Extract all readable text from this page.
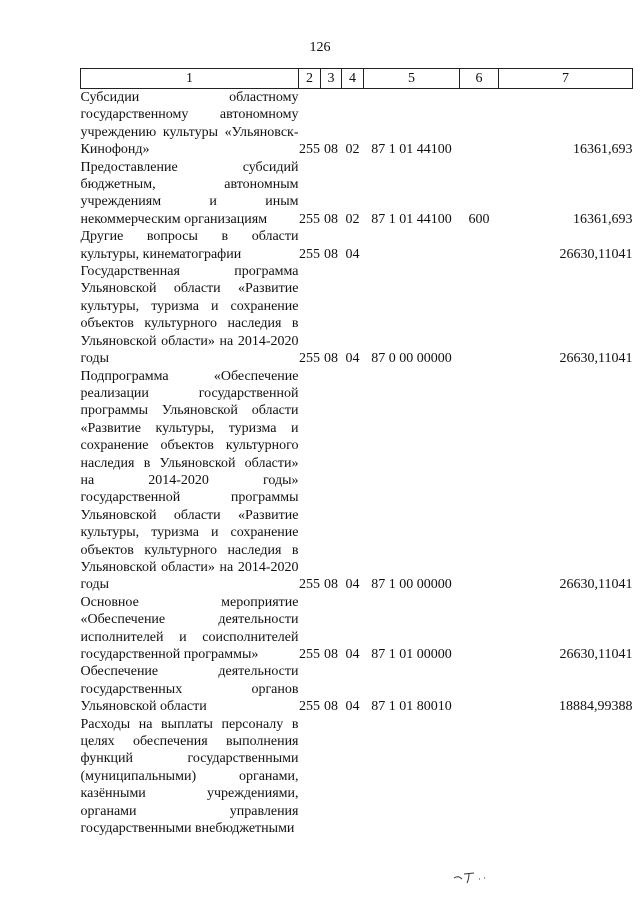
126
1	2	3	4	5	6	7
Субсидии областному государственному автономному учреждению культуры «Ульяновск-Кинофонд»	255	08	02	87 1 01 44100		16361,693
Предоставление субсидий бюджетным, автономным учреждениям и иным некоммерческим организациям	255	08	02	87 1 01 44100	600	16361,693
Другие вопросы в области культуры, кинематографии	255	08	04			26630,11041
Государственная программа Ульяновской области «Развитие культуры, туризма и сохранение объектов культурного наследия в Ульяновской области» на 2014-2020 годы	255	08	04	87 0 00 00000		26630,11041
Подпрограмма «Обеспечение реализации государственной программы Ульяновской области «Развитие культуры, туризма и сохранение объектов культурного наследия в Ульяновской области» на 2014-2020 годы» государственной программы Ульяновской области «Развитие культуры, туризма и сохранение объектов культурного наследия в Ульяновской области» на 2014-2020 годы	255	08	04	87 1 00 00000		26630,11041
Основное мероприятие «Обеспечение деятельности исполнителей и соисполнителей государственной программы»	255	08	04	87 1 01 00000		26630,11041
Обеспечение деятельности государственных органов Ульяновской области	255	08	04	87 1 01 80010		18884,99388
Расходы на выплаты персоналу в целях обеспечения выполнения функций государственными (муниципальными) органами, казёнными учреждениями, органами управления государственными внебюджетными						
